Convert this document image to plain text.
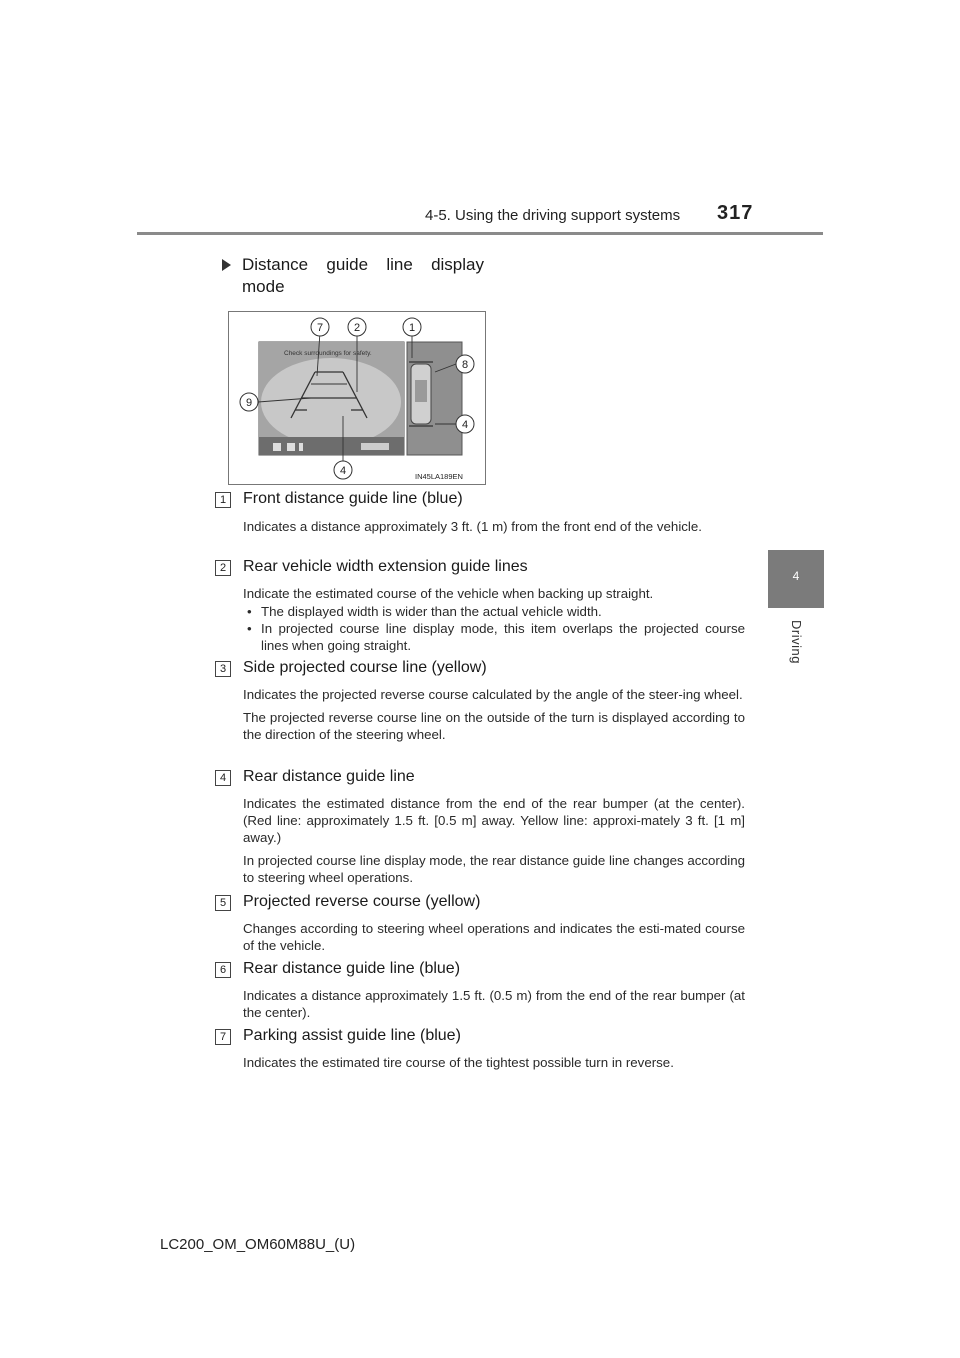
4-5. Using the driving support systems 317
4
Driving
Distance guide line display
mode
Check surroundings for safety.
7	2	1
8
9
4
4	IN45LA189EN
1	Front distance guide line (blue)

Indicates a distance approximately 3 ft. (1 m) from the front end of the vehicle.

2	Rear vehicle width extension guide lines

Indicate the estimated course of the vehicle when backing up straight.

• The displayed width is wider than the actual vehicle width.
• In projected course line display mode, this item overlaps the projected course lines when going straight.
3	Side projected course line (yellow)

Indicates the projected reverse course calculated by the angle of the steer-ing wheel.

The projected reverse course line on the outside of the turn is displayed according to the direction of the steering wheel.

4	Rear distance guide line

Indicates the estimated distance from the end of the rear bumper (at the center). (Red line: approximately 1.5 ft. [0.5 m] away. Yellow line: approxi-mately 3 ft. [1 m] away.)

In projected course line display mode, the rear distance guide line changes according to steering wheel operations.

5	Projected reverse course (yellow)

Changes according to steering wheel operations and indicates the esti-mated course of the vehicle.

6	Rear distance guide line (blue)

Indicates a distance approximately 1.5 ft. (0.5 m) from the end of the rear bumper (at the center).

7	Parking assist guide line (blue)

Indicates the estimated tire course of the tightest possible turn in reverse.

LC200_OM_OM60M88U_(U)
